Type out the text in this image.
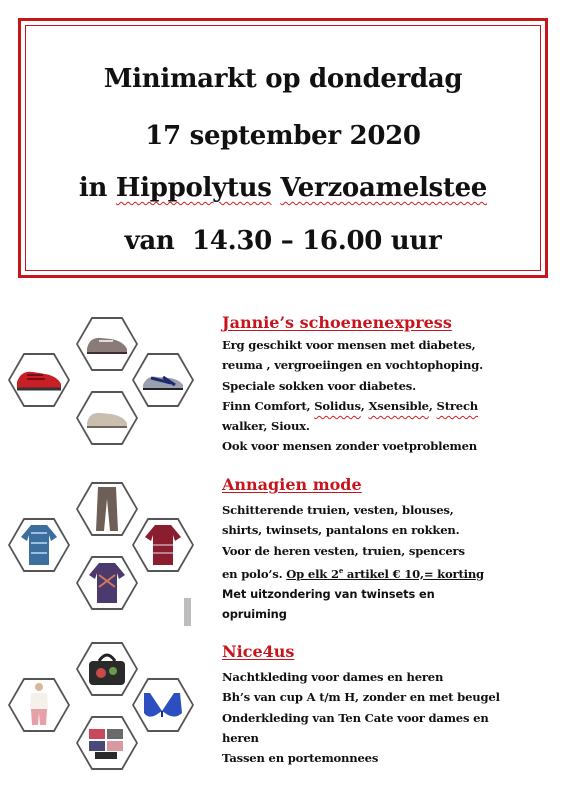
Minimarkt op donderdag
17 september 2020
in Hippolytus Verzoamelstee
van  14.30 – 16.00 uur
Jannie’s schoenenexpress
Erg geschikt voor mensen met diabetes,
reuma , vergroeiingen en vochtophoping.
Speciale sokken voor diabetes.
Finn Comfort, Solidus, Xsensible, Strech
walker, Sioux.
Ook voor mensen zonder voetproblemen
Annagien mode
Schitterende truien, vesten, blouses,
shirts, twinsets, pantalons en rokken.
Voor de heren vesten, truien, spencers
en polo’s. Op elk 2e artikel € 10,= korting
Met uitzondering van twinsets en
opruiming
Nice4us
Nachtkleding voor dames en heren
Bh’s van cup A t/m H, zonder en met beugel
Onderkleding van Ten Cate voor dames en
heren
Tassen en portemonnees
